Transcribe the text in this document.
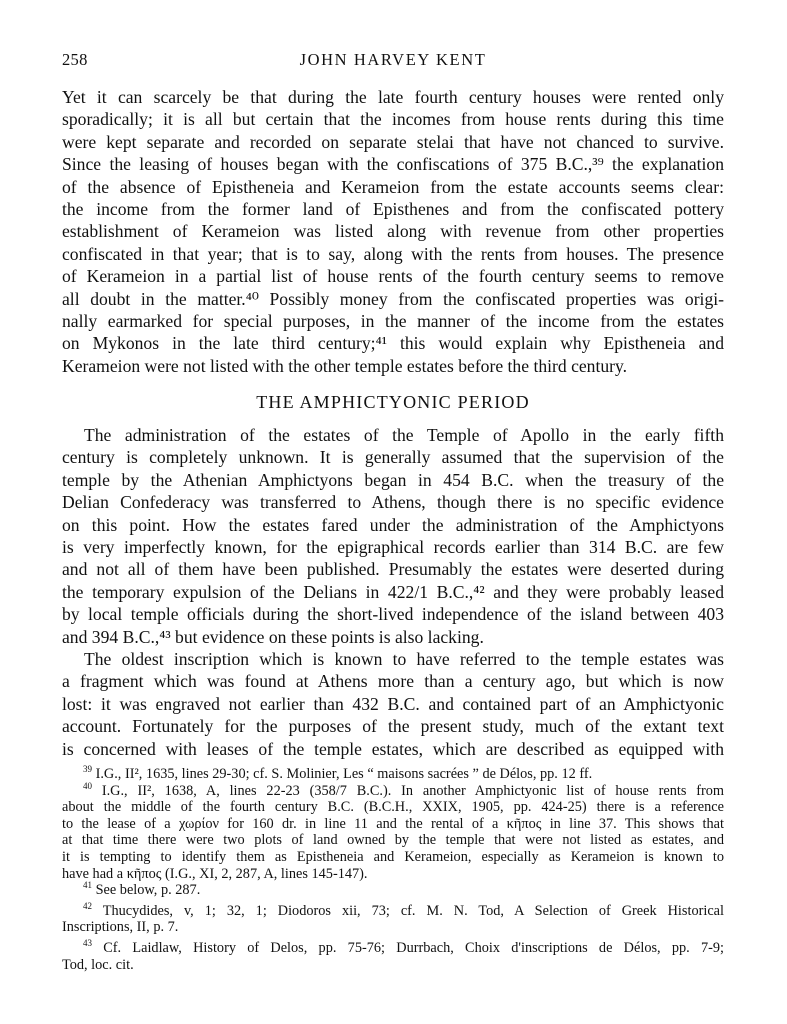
258	JOHN HARVEY KENT

Yet it can scarcely be that during the late fourth century houses were rented only
sporadically; it is all but certain that the incomes from house rents during this time
were kept separate and recorded on separate stelai that have not chanced to survive.
Since the leasing of houses began with the confiscations of 375 B.C.,³⁹ the explanation
of the absence of Epistheneia and Kerameion from the estate accounts seems clear:
the income from the former land of Episthenes and from the confiscated pottery
establishment of Kerameion was listed along with revenue from other properties
confiscated in that year; that is to say, along with the rents from houses. The presence
of Kerameion in a partial list of house rents of the fourth century seems to remove
all doubt in the matter.⁴⁰ Possibly money from the confiscated properties was origi-
nally earmarked for special purposes, in the manner of the income from the estates
on Mykonos in the late third century;⁴¹ this would explain why Epistheneia and
Kerameion were not listed with the other temple estates before the third century.

THE AMPHICTYONIC PERIOD

The administration of the estates of the Temple of Apollo in the early fifth
century is completely unknown. It is generally assumed that the supervision of the
temple by the Athenian Amphictyons began in 454 B.C. when the treasury of the
Delian Confederacy was transferred to Athens, though there is no specific evidence
on this point. How the estates fared under the administration of the Amphictyons
is very imperfectly known, for the epigraphical records earlier than 314 B.C. are few
and not all of them have been published. Presumably the estates were deserted during
the temporary expulsion of the Delians in 422/1 B.C.,⁴² and they were probably leased
by local temple officials during the short-lived independence of the island between 403
and 394 B.C.,⁴³ but evidence on these points is also lacking.

The oldest inscription which is known to have referred to the temple estates was
a fragment which was found at Athens more than a century ago, but which is now
lost: it was engraved not earlier than 432 B.C. and contained part of an Amphictyonic
account. Fortunately for the purposes of the present study, much of the extant text
is concerned with leases of the temple estates, which are described as equipped with

$^{39}$ I.G., II², 1635, lines 29-30; cf. S. Molinier, Les “ maisons sacrées ” de Délos, pp. 12 ff.
$^{40}$ I.G., II², 1638, A, lines 22-23 (358/7 B.C.). In another Amphictyonic list of house rents from
about the middle of the fourth century B.C. (B.C.H., XXIX, 1905, pp. 424-25) there is a reference
to the lease of a χωρίον for 160 dr. in line 11 and the rental of a κῆπος in line 37. This shows that
at that time there were two plots of land owned by the temple that were not listed as estates, and
it is tempting to identify them as Epistheneia and Kerameion, especially as Kerameion is known to
have had a κῆπος (I.G., XI, 2, 287, A, lines 145-147).
$^{41}$ See below, p. 287.
$^{42}$ Thucydides, v, 1; 32, 1; Diodoros xii, 73; cf. M. N. Tod, A Selection of Greek Historical
Inscriptions, II, p. 7.
$^{43}$ Cf. Laidlaw, History of Delos, pp. 75-76; Durrbach, Choix d'inscriptions de Délos, pp. 7-9;
Tod, loc. cit.
